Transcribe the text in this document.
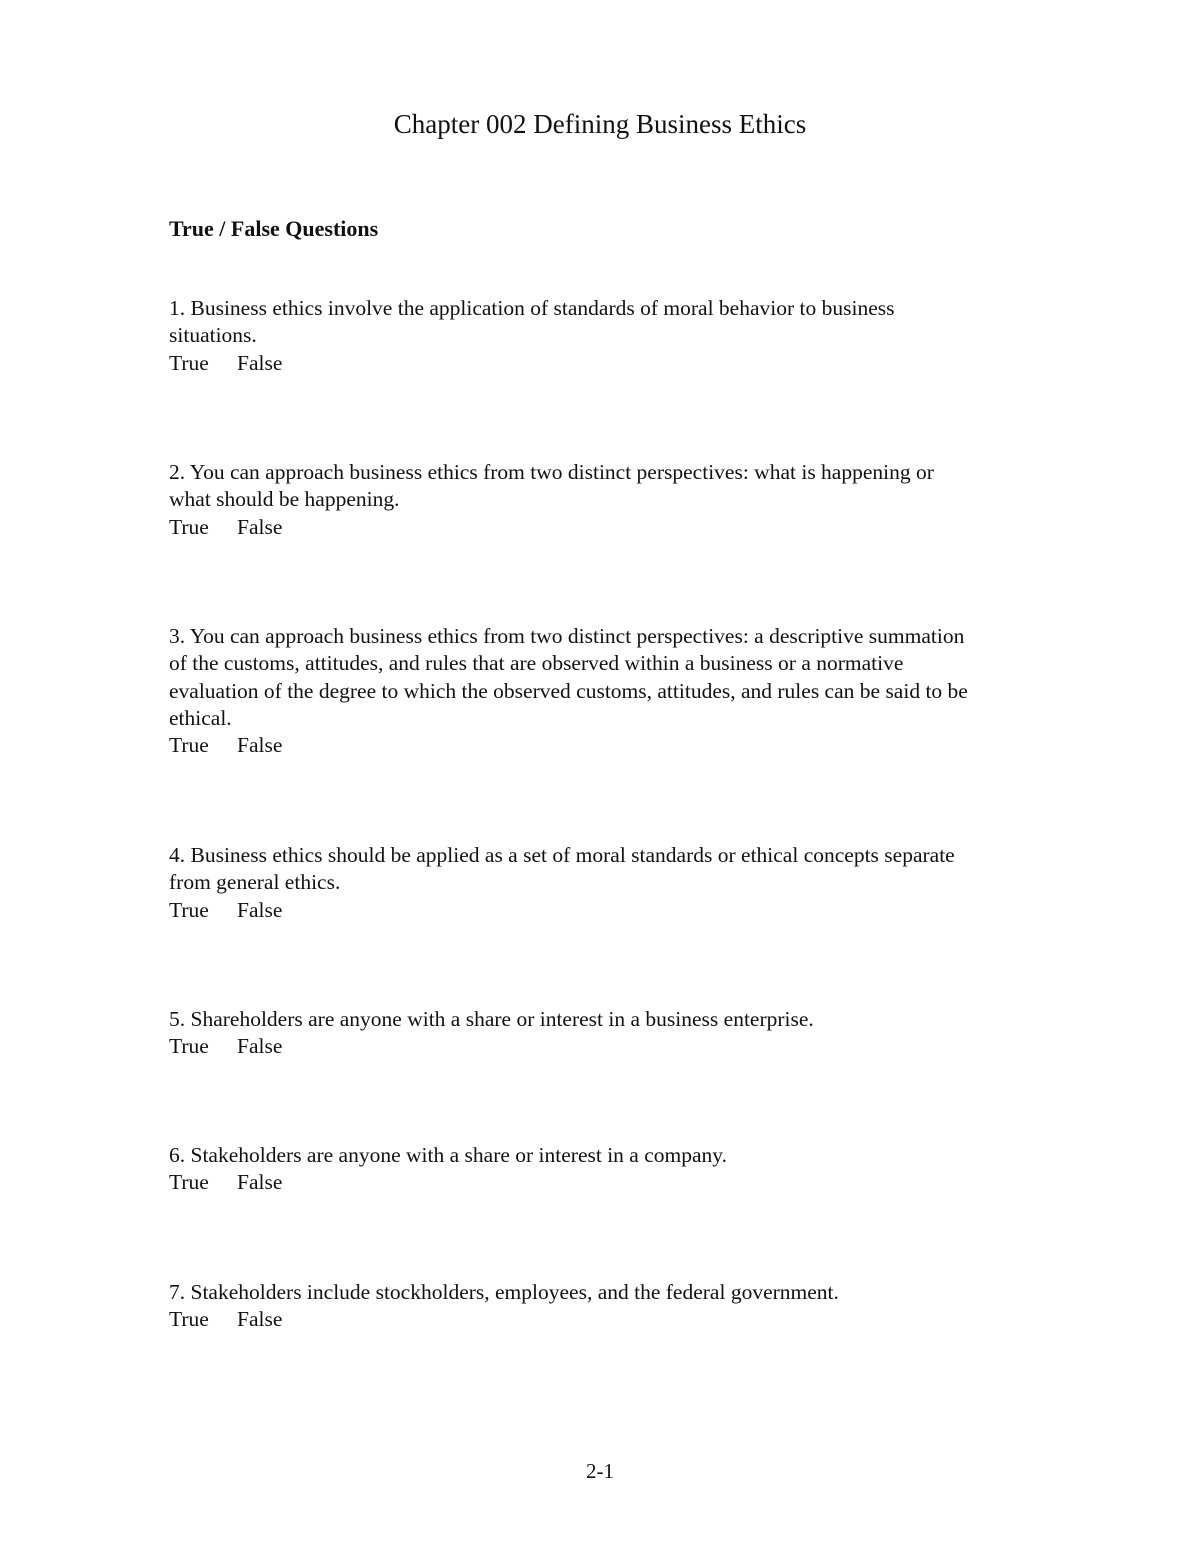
Chapter 002 Defining Business Ethics
True / False Questions
1. Business ethics involve the application of standards of moral behavior to business
situations.
True False
2. You can approach business ethics from two distinct perspectives: what is happening or
what should be happening.
True False
3. You can approach business ethics from two distinct perspectives: a descriptive summation
of the customs, attitudes, and rules that are observed within a business or a normative
evaluation of the degree to which the observed customs, attitudes, and rules can be said to be
ethical.
True False
4. Business ethics should be applied as a set of moral standards or ethical concepts separate
from general ethics.
True False
5. Shareholders are anyone with a share or interest in a business enterprise.
True False
6. Stakeholders are anyone with a share or interest in a company.
True False
7. Stakeholders include stockholders, employees, and the federal government.
True False
2-1
